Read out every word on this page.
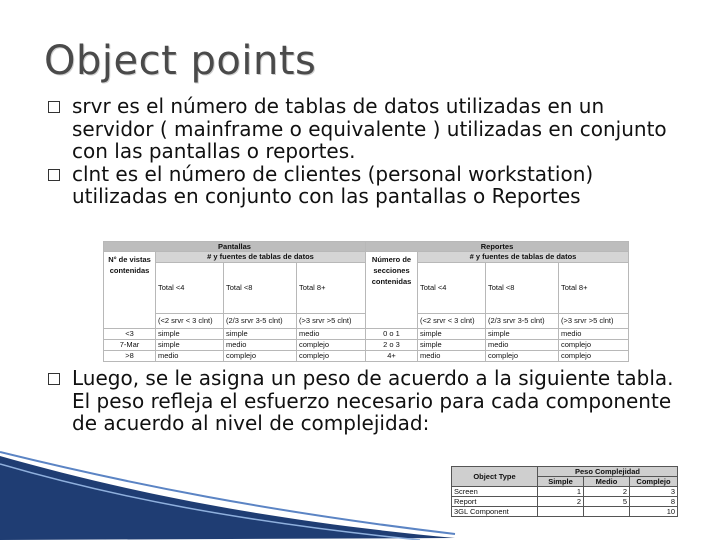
Object points
srvr es el número de tablas de datos utilizadas en un servidor ( mainframe o equivalente ) utilizadas en conjunto con las pantallas o reportes.
clnt es el número de clientes (personal workstation) utilizadas en conjunto con las pantallas o Reportes
Pantallas				Reportes			
N° de vistas contenidas	# y fuentes de tablas de datos			Número de secciones contenidas	# y fuentes de tablas de datos		
	Total <4	Total <8	Total 8+		Total <4	Total <8	Total 8+
	(<2 srvr < 3 clnt)	(2/3 srvr 3-5 clnt)	(>3 srvr >5 clnt)		(<2 srvr < 3 clnt)	(2/3 srvr 3-5 clnt)	(>3 srvr >5 clnt)
<3	simple	simple	medio	0 o 1	simple	simple	medio
7-Mar	simple	medio	complejo	2 o 3	simple	medio	complejo
>8	medio	complejo	complejo	4+	medio	complejo	complejo
Luego, se le asigna un peso de acuerdo a la siguiente tabla. El peso refleja el esfuerzo necesario para cada componente de acuerdo al nivel de complejidad:
Object Type	Peso Complejidad		
	Simple	Medio	Complejo
Screen	1	2	3
Report	2	5	8
3GL Component			10
